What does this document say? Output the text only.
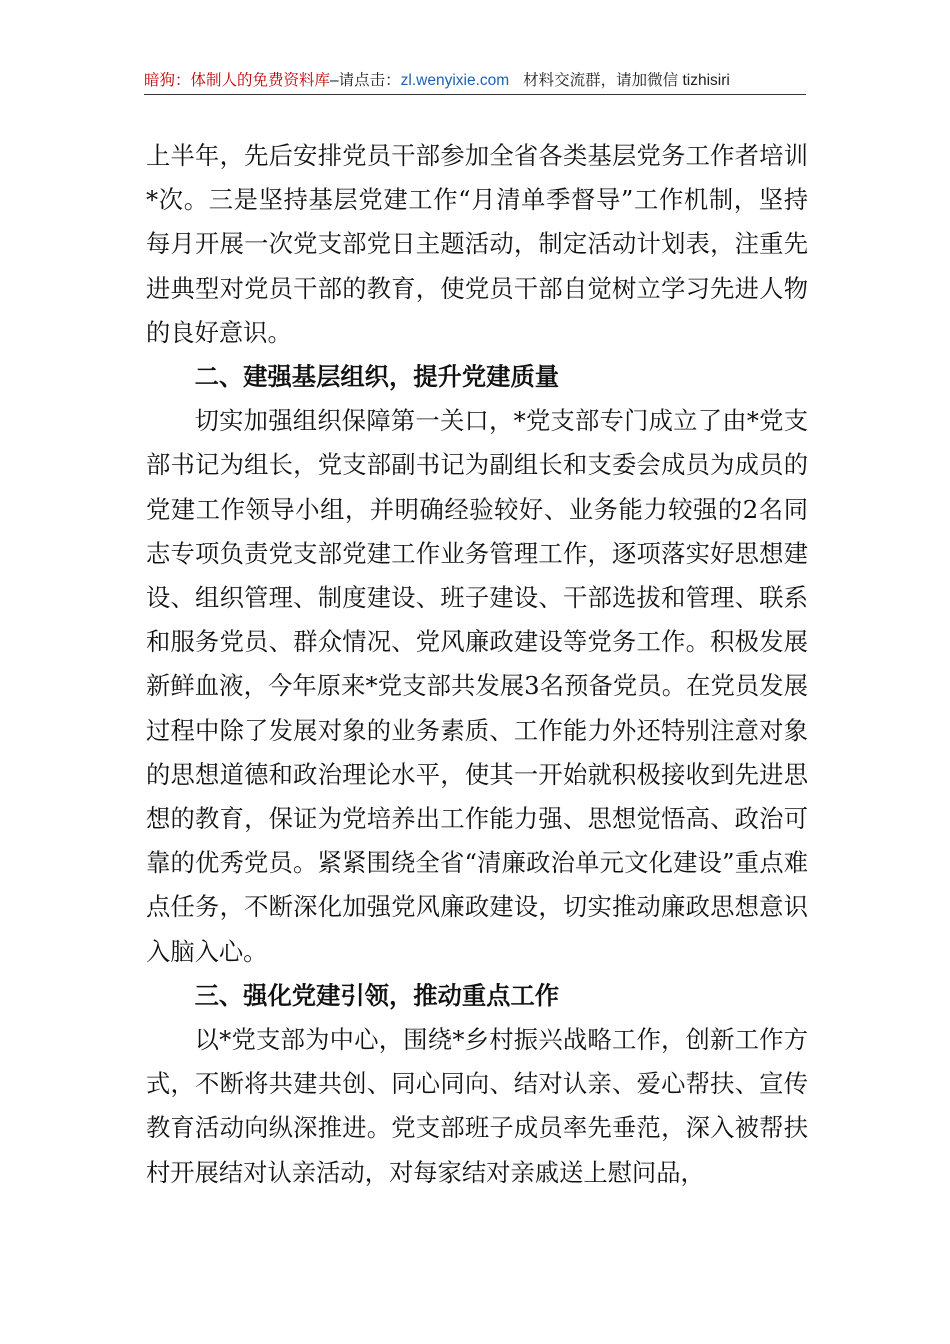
暗狗：体制人的免费资料库–请点击：zl.wenyixie.com 材料交流群，请加微信 tizhisiri

上半年，先后安排党员干部参加全省各类基层党务工作者培训*次。三是坚持基层党建工作“月清单季督导”工作机制，坚持每月开展一次党支部党日主题活动，制定活动计划表，注重先进典型对党员干部的教育，使党员干部自觉树立学习先进人物的良好意识。

二、建强基层组织，提升党建质量

切实加强组织保障第一关口，*党支部专门成立了由*党支部书记为组长，党支部副书记为副组长和支委会成员为成员的党建工作领导小组，并明确经验较好、业务能力较强的2名同志专项负责党支部党建工作业务管理工作，逐项落实好思想建设、组织管理、制度建设、班子建设、干部选拔和管理、联系和服务党员、群众情况、党风廉政建设等党务工作。积极发展新鲜血液，今年原来*党支部共发展3名预备党员。在党员发展过程中除了发展对象的业务素质、工作能力外还特别注意对象的思想道德和政治理论水平，使其一开始就积极接收到先进思想的教育，保证为党培养出工作能力强、思想觉悟高、政治可靠的优秀党员。紧紧围绕全省“清廉政治单元文化建设”重点难点任务，不断深化加强党风廉政建设，切实推动廉政思想意识入脑入心。

三、强化党建引领，推动重点工作

以*党支部为中心，围绕*乡村振兴战略工作，创新工作方式，不断将共建共创、同心同向、结对认亲、爱心帮扶、宣传教育活动向纵深推进。党支部班子成员率先垂范，深入被帮扶村开展结对认亲活动，对每家结对亲戚送上慰问品，
